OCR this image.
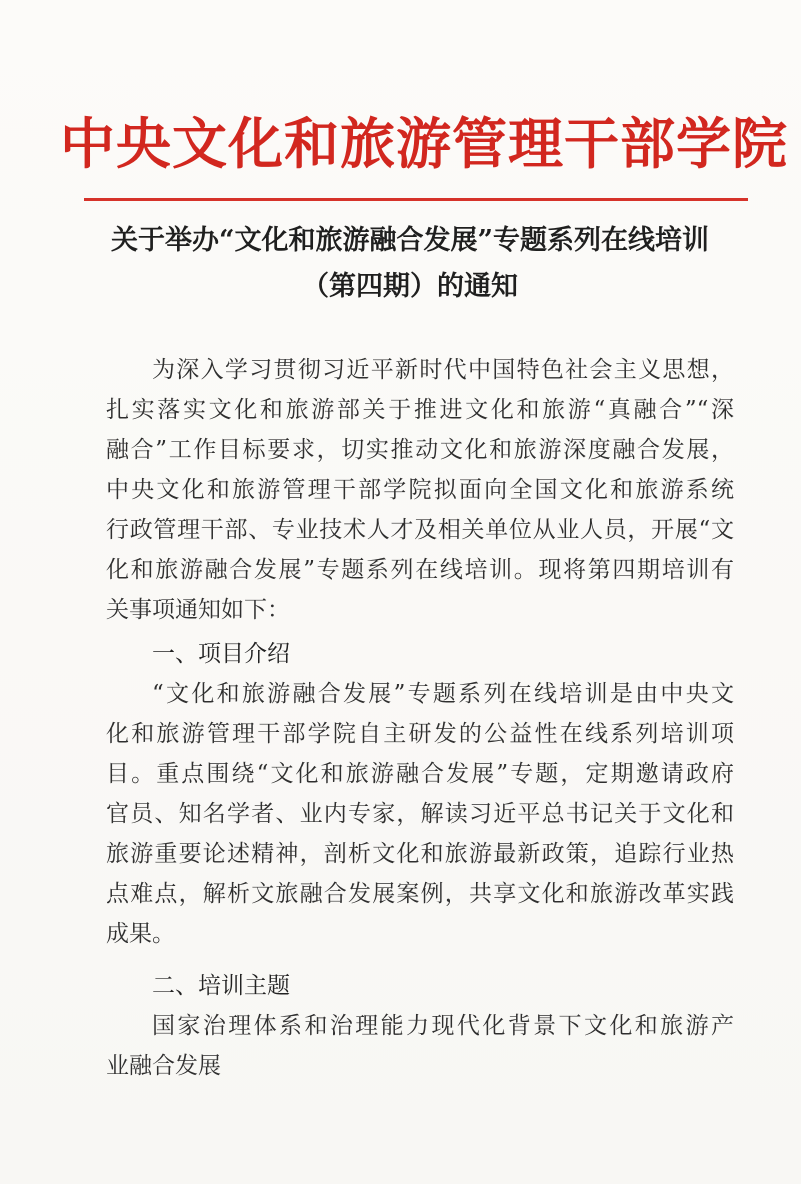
中央文化和旅游管理干部学院
关于举办“文化和旅游融合发展”专题系列在线培训
（第四期）的通知
为深入学习贯彻习近平新时代中国特色社会主义思想，
扎实落实文化和旅游部关于推进文化和旅游“真融合”“深
融合”工作目标要求，切实推动文化和旅游深度融合发展，
中央文化和旅游管理干部学院拟面向全国文化和旅游系统
行政管理干部、专业技术人才及相关单位从业人员，开展“文
化和旅游融合发展”专题系列在线培训。现将第四期培训有
关事项通知如下：
一、项目介绍
“文化和旅游融合发展”专题系列在线培训是由中央文
化和旅游管理干部学院自主研发的公益性在线系列培训项
目。重点围绕“文化和旅游融合发展”专题，定期邀请政府
官员、知名学者、业内专家，解读习近平总书记关于文化和
旅游重要论述精神，剖析文化和旅游最新政策，追踪行业热
点难点，解析文旅融合发展案例，共享文化和旅游改革实践
成果。
二、培训主题
国家治理体系和治理能力现代化背景下文化和旅游产
业融合发展
